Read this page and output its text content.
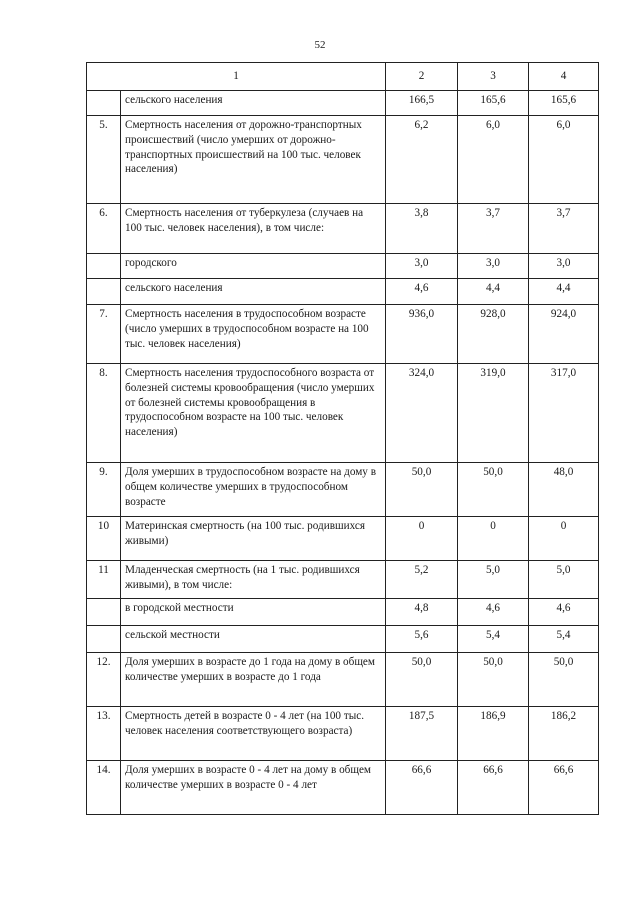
52
1		2	3	4
	сельского населения	166,5	165,6	165,6
5.	Смертность населения от дорожно-транспортных происшествий (число умерших от дорожно-транспортных происшествий на 100 тыс. человек населения)	6,2	6,0	6,0
6.	Смертность населения от туберкулеза (случаев на 100 тыс. человек населения), в том числе:	3,8	3,7	3,7
	городского	3,0	3,0	3,0
	сельского населения	4,6	4,4	4,4
7.	Смертность населения в трудоспособном возрасте (число умерших в трудоспособном возрасте на 100 тыс. человек населения)	936,0	928,0	924,0
8.	Смертность населения трудоспособного возраста от болезней системы кровообращения (число умерших от болезней системы кровообращения в трудоспособном возрасте на 100 тыс. человек населения)	324,0	319,0	317,0
9.	Доля умерших в трудоспособном возрасте на дому в общем количестве умерших в трудоспособном возрасте	50,0	50,0	48,0
10	Материнская смертность (на 100 тыс. родившихся живыми)	0	0	0
11	Младенческая смертность (на 1 тыс. родившихся живыми), в том числе:	5,2	5,0	5,0
	в городской местности	4,8	4,6	4,6
	сельской местности	5,6	5,4	5,4
12.	Доля умерших в возрасте до 1 года на дому в общем количестве умерших в возрасте до 1 года	50,0	50,0	50,0
13.	Смертность детей в возрасте 0 - 4 лет (на 100 тыс. человек населения соответствующего возраста)	187,5	186,9	186,2
14.	Доля умерших в возрасте 0 - 4 лет на дому в общем количестве умерших в возрасте 0 - 4 лет	66,6	66,6	66,6
